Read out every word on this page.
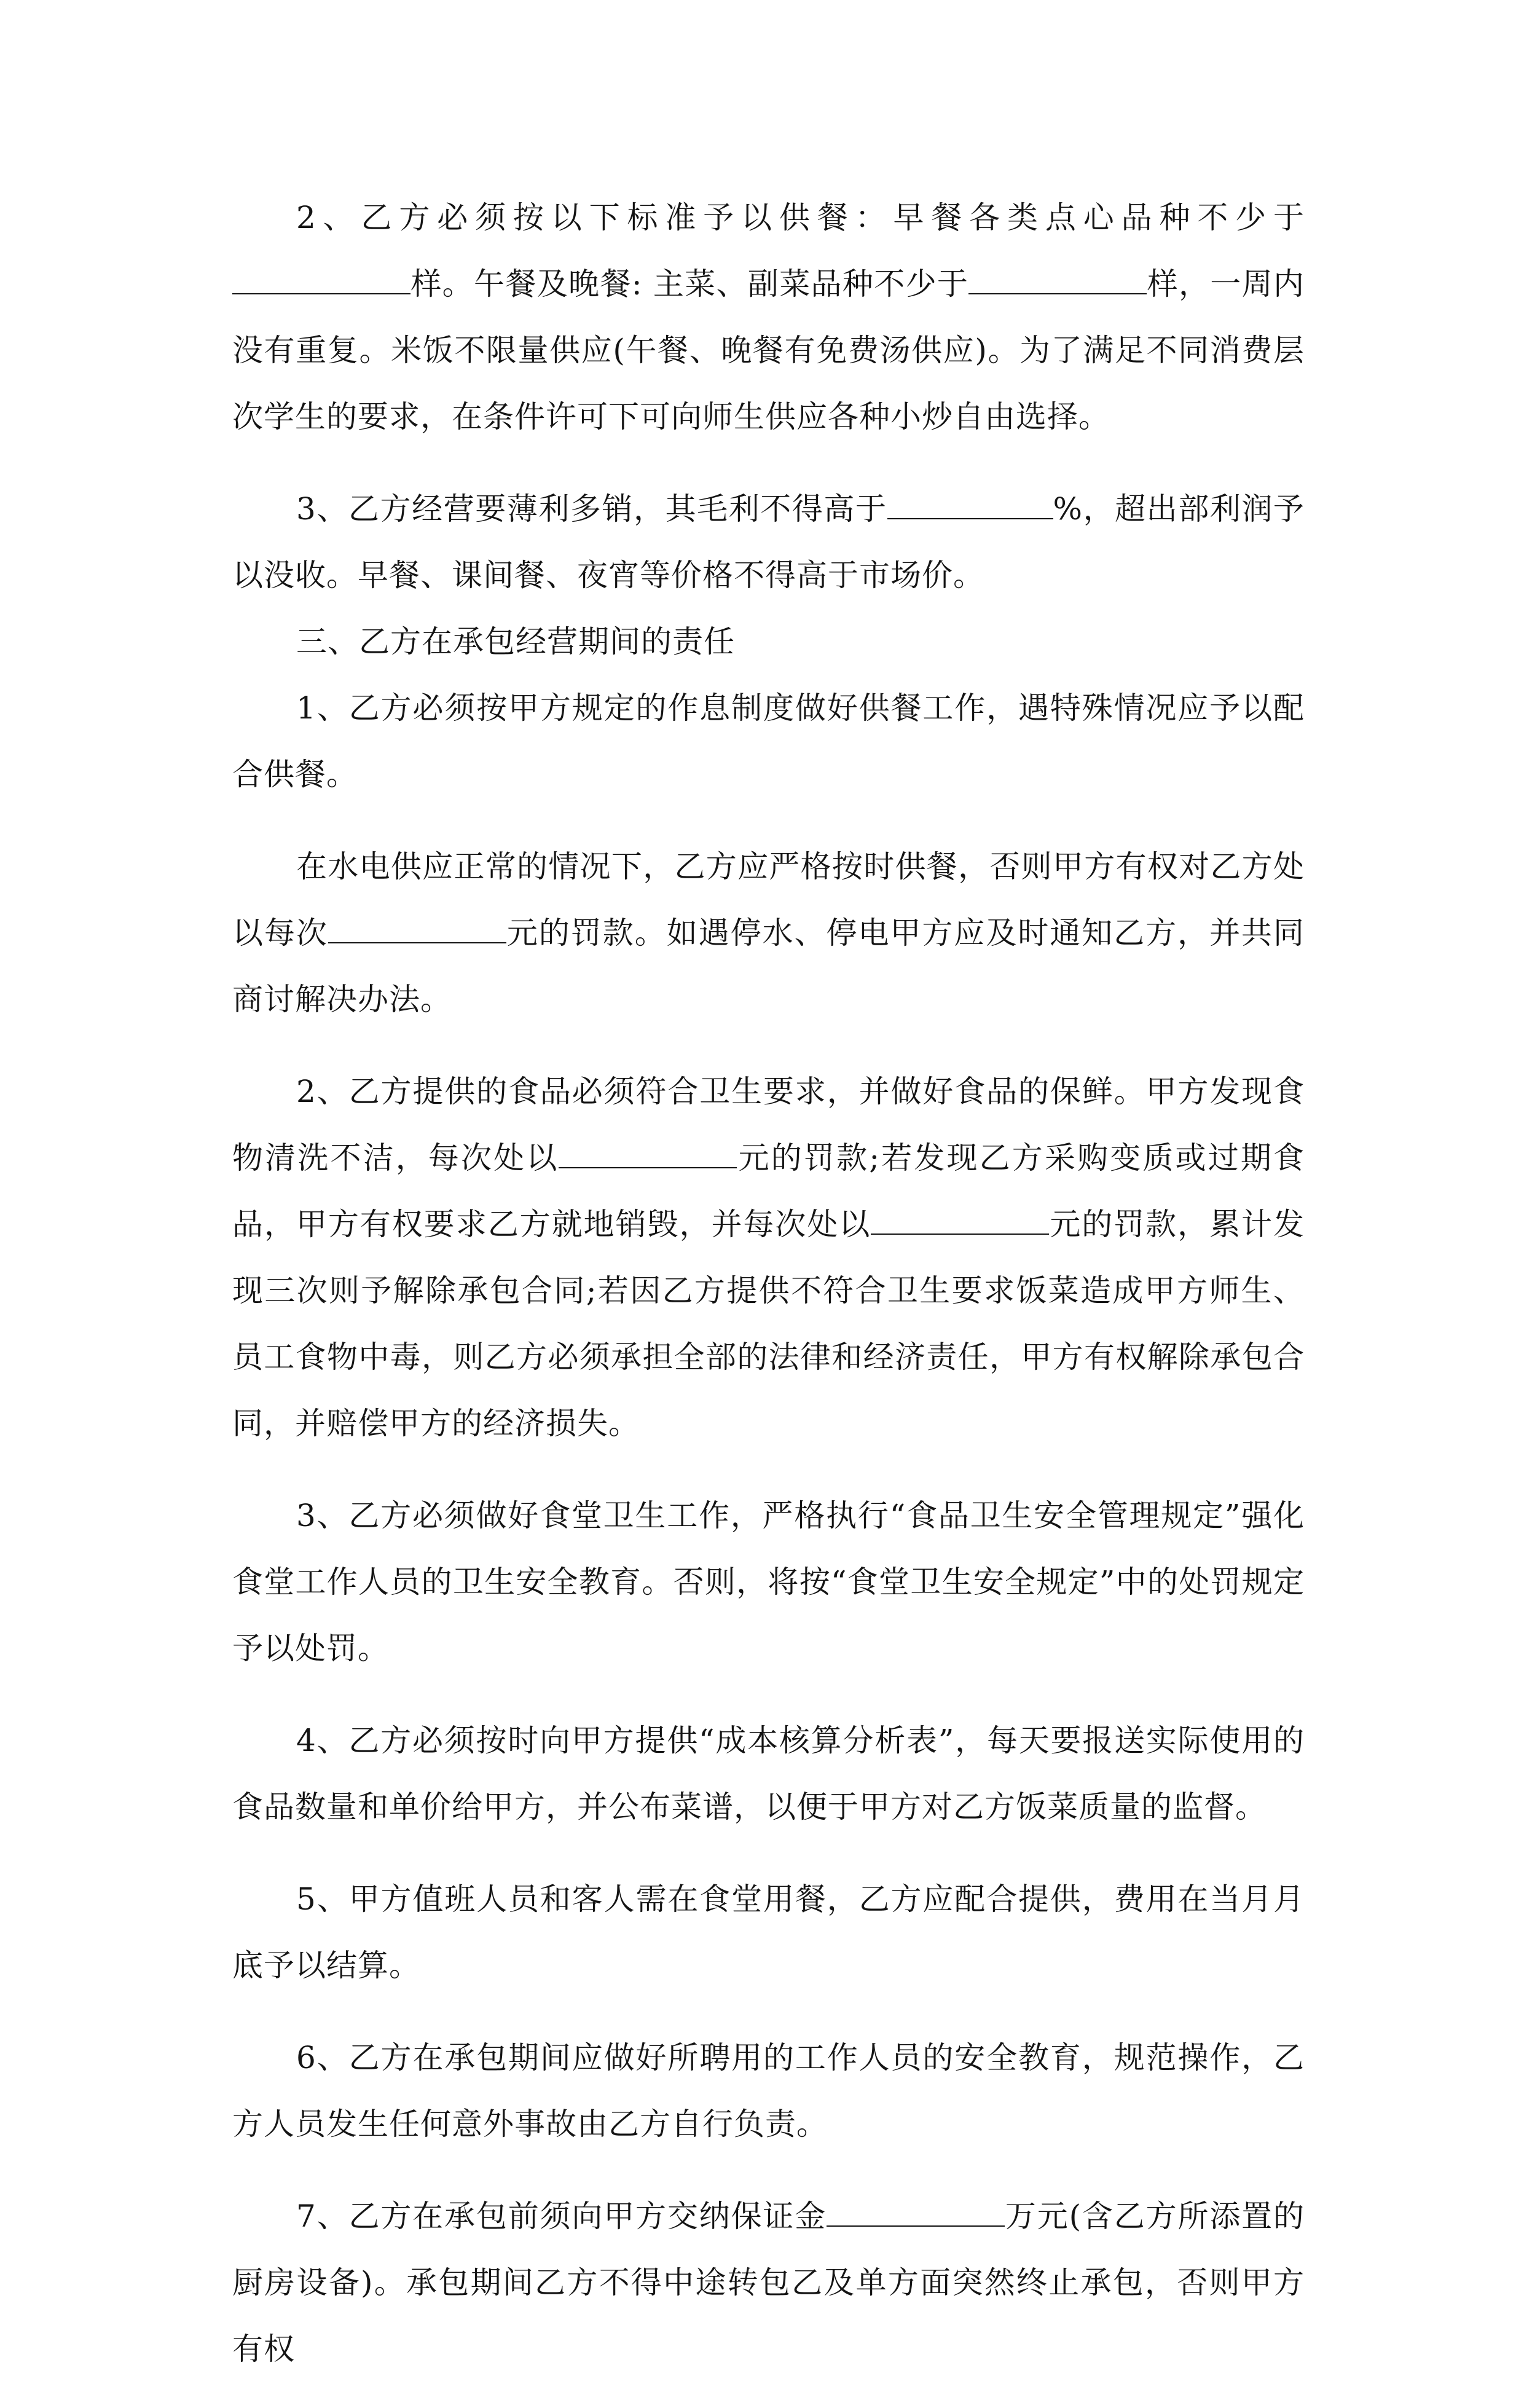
2、乙方必须按以下标准予以供餐：早餐各类点心品种不少于样。午餐及晚餐: 主菜、副菜品种不少于	样，一周内没有重复。米饭不限量供应(午餐、晚餐有免费汤供应)。为了满足不同消费层次学生的要求，在条件许可下可向师生供应各种小炒自由选择。

3、乙方经营要薄利多销，其毛利不得高于	%，超出部利润予以没收。早餐、课间餐、夜宵等价格不得高于市场价。

三、乙方在承包经营期间的责任

1、乙方必须按甲方规定的作息制度做好供餐工作，遇特殊情况应予以配合供餐。

在水电供应正常的情况下，乙方应严格按时供餐，否则甲方有权对乙方处以每次	元的罚款。如遇停水、停电甲方应及时通知乙方，并共同商讨解决办法。

2、乙方提供的食品必须符合卫生要求，并做好食品的保鲜。甲方发现食物清洗不洁，每次处以	元的罚款;若发现乙方采购变质或过期食品，甲方有权要求乙方就地销毁，并每次处以	元的罚款，累计发现三次则予解除承包合同;若因乙方提供不符合卫生要求饭菜造成甲方师生、员工食物中毒，则乙方必须承担全部的法律和经济责任，甲方有权解除承包合同，并赔偿甲方的经济损失。

3、乙方必须做好食堂卫生工作，严格执行“食品卫生安全管理规定”强化食堂工作人员的卫生安全教育。否则，将按“食堂卫生安全规定”中的处罚规定予以处罚。

4、乙方必须按时向甲方提供“成本核算分析表”，每天要报送实际使用的食品数量和单价给甲方，并公布菜谱，以便于甲方对乙方饭菜质量的监督。

5、甲方值班人员和客人需在食堂用餐，乙方应配合提供，费用在当月月底予以结算。

6、乙方在承包期间应做好所聘用的工作人员的安全教育，规范操作，乙方人员发生任何意外事故由乙方自行负责。

7、乙方在承包前须向甲方交纳保证金	万元(含乙方所添置的厨房设备)。承包期间乙方不得中途转包乙及单方面突然终止承包，否则甲方有权
